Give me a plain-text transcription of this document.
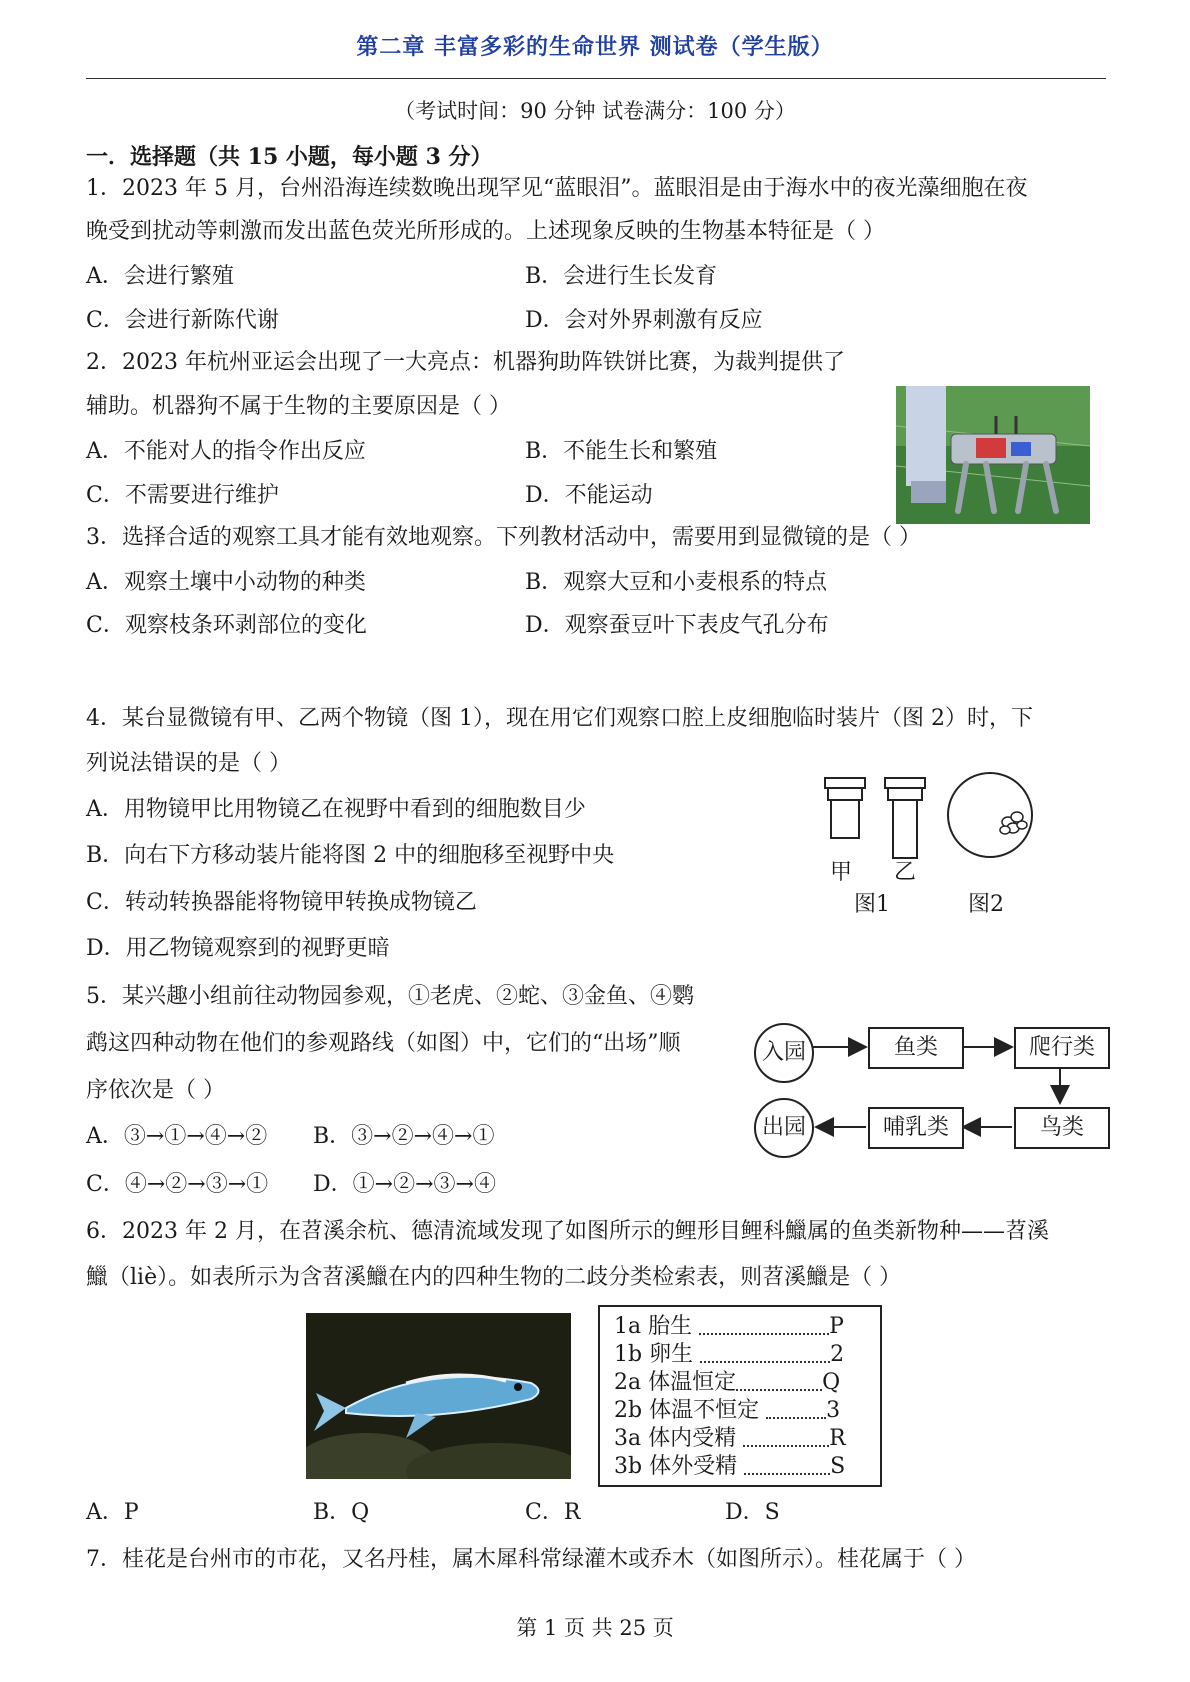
第二章 丰富多彩的生命世界 测试卷（学生版）
（考试时间：90 分钟 试卷满分：100 分）
一．选择题（共 15 小题，每小题 3 分）
1．2023 年 5 月，台州沿海连续数晚出现罕见“蓝眼泪”。蓝眼泪是由于海水中的夜光藻细胞在夜
晚受到扰动等刺激而发出蓝色荧光所形成的。上述现象反映的生物基本特征是（ ）
A．会进行繁殖	B．会进行生长发育
C．会进行新陈代谢	D．会对外界刺激有反应
2．2023 年杭州亚运会出现了一大亮点：机器狗助阵铁饼比赛，为裁判提供了
辅助。机器狗不属于生物的主要原因是（ ）
A．不能对人的指令作出反应	B．不能生长和繁殖
C．不需要进行维护	D．不能运动
3．选择合适的观察工具才能有效地观察。下列教材活动中，需要用到显微镜的是（ ）
A．观察土壤中小动物的种类	B．观察大豆和小麦根系的特点
C．观察枝条环剥部位的变化	D．观察蚕豆叶下表皮气孔分布
4．某台显微镜有甲、乙两个物镜（图 1），现在用它们观察口腔上皮细胞临时装片（图 2）时，下
列说法错误的是（ ）
A．用物镜甲比用物镜乙在视野中看到的细胞数目少
B．向右下方移动装片能将图 2 中的细胞移至视野中央
C．转动转换器能将物镜甲转换成物镜乙
D．用乙物镜观察到的视野更暗
甲 乙
图1	图2
5．某兴趣小组前往动物园参观，①老虎、②蛇、③金鱼、④鹦
鹉这四种动物在他们的参观路线（如图）中，它们的“出场”顺
序依次是（ ）
A．③→①→④→② B．③→②→④→①
C．④→②→③→① D．①→②→③→④
入园	鱼类	爬行类
鸟类
哺乳类
出园
6．2023 年 2 月，在苕溪余杭、德清流域发现了如图所示的鲤形目鲤科鱲属的鱼类新物种——苕溪
鱲（liè）。如表所示为含苕溪鱲在内的四种生物的二歧分类检索表，则苕溪鱲是（ ）
1a 胎生	P
1b 卵生	2
2a 体温恒定	Q
2b 体温不恒定	3
3a 体内受精	R
3b 体外受精	S
A．P	B．Q	C．R	D．S
7．桂花是台州市的市花，又名丹桂，属木犀科常绿灌木或乔木（如图所示）。桂花属于（ ）
第 1 页 共 25 页
